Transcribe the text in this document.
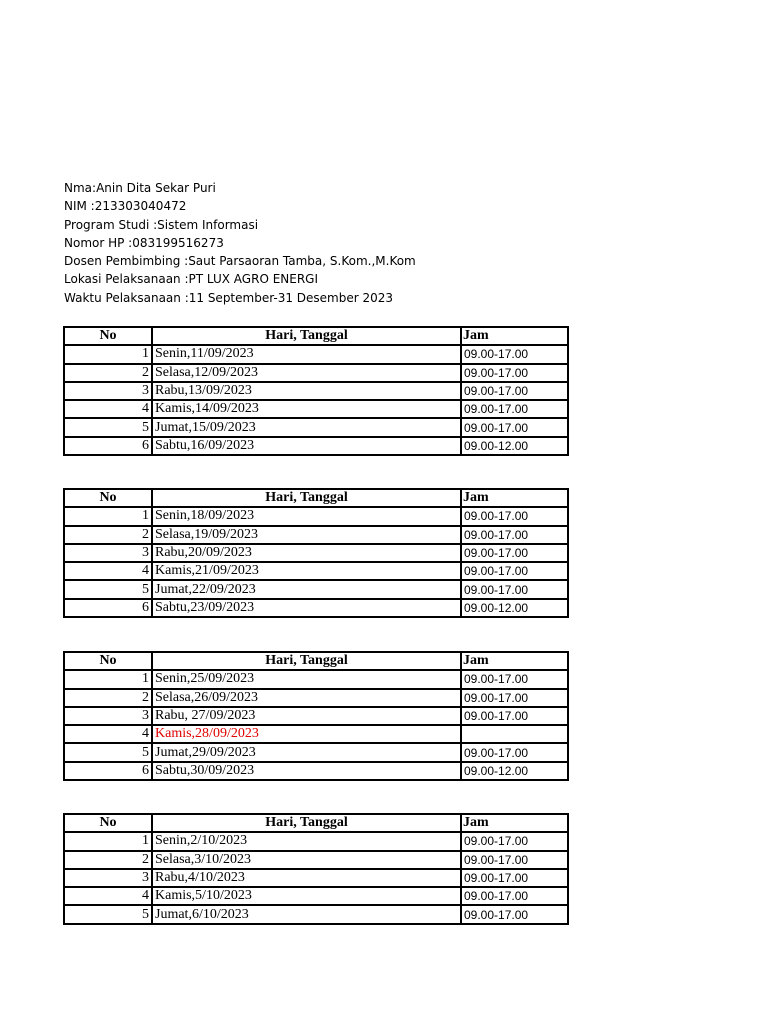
Nma:Anin Dita Sekar Puri
NIM :213303040472
Program Studi :Sistem Informasi
Nomor HP :083199516273
Dosen Pembimbing :Saut Parsaoran Tamba, S.Kom.,M.Kom
Lokasi Pelaksanaan :PT LUX AGRO ENERGI
Waktu Pelaksanaan :11 September-31 Desember 2023
No	Hari, Tanggal	Jam
1	Senin,11/09/2023	09.00-17.00
2	Selasa,12/09/2023	09.00-17.00
3	Rabu,13/09/2023	09.00-17.00
4	Kamis,14/09/2023	09.00-17.00
5	Jumat,15/09/2023	09.00-17.00
6	Sabtu,16/09/2023	09.00-12.00
No	Hari, Tanggal	Jam
1	Senin,18/09/2023	09.00-17.00
2	Selasa,19/09/2023	09.00-17.00
3	Rabu,20/09/2023	09.00-17.00
4	Kamis,21/09/2023	09.00-17.00
5	Jumat,22/09/2023	09.00-17.00
6	Sabtu,23/09/2023	09.00-12.00
No	Hari, Tanggal	Jam
1	Senin,25/09/2023	09.00-17.00
2	Selasa,26/09/2023	09.00-17.00
3	Rabu, 27/09/2023	09.00-17.00
4	Kamis,28/09/2023	
5	Jumat,29/09/2023	09.00-17.00
6	Sabtu,30/09/2023	09.00-12.00
No	Hari, Tanggal	Jam
1	Senin,2/10/2023	09.00-17.00
2	Selasa,3/10/2023	09.00-17.00
3	Rabu,4/10/2023	09.00-17.00
4	Kamis,5/10/2023	09.00-17.00
5	Jumat,6/10/2023	09.00-17.00
